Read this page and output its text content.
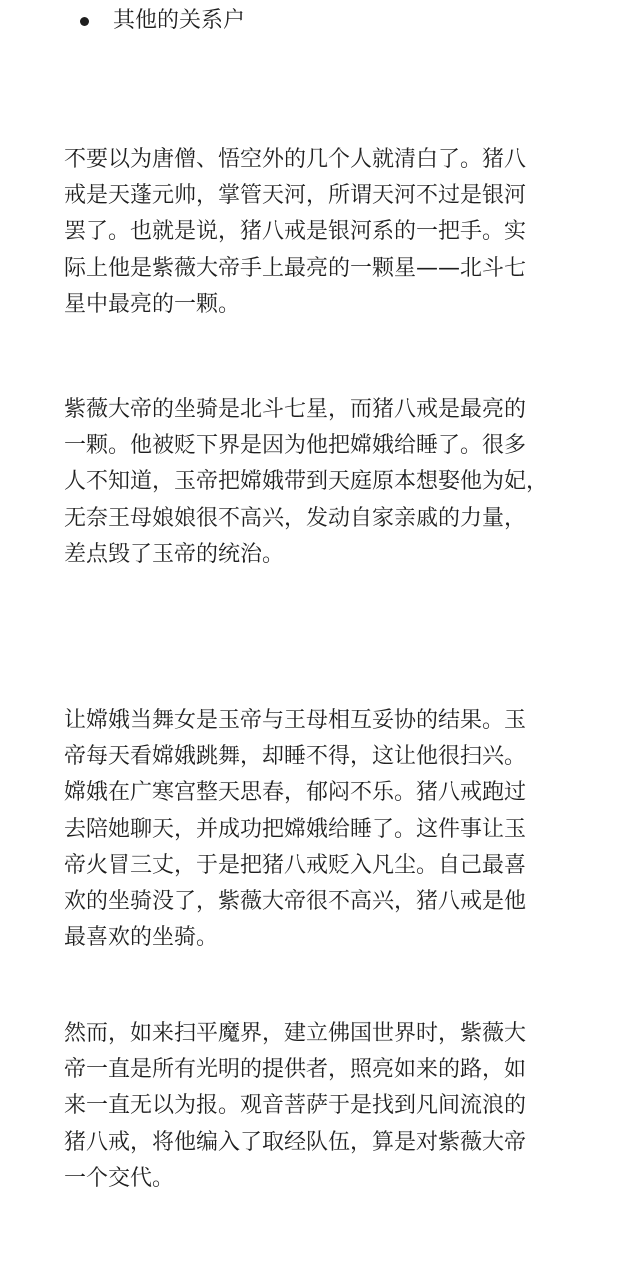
其他的关系户

不要以为唐僧、悟空外的几个人就清白了。猪八
戒是天蓬元帅，掌管天河，所谓天河不过是银河
罢了。也就是说，猪八戒是银河系的一把手。实
际上他是紫薇大帝手上最亮的一颗星——北斗七
星中最亮的一颗。

紫薇大帝的坐骑是北斗七星，而猪八戒是最亮的
一颗。他被贬下界是因为他把嫦娥给睡了。很多
人不知道，玉帝把嫦娥带到天庭原本想娶他为妃，
无奈王母娘娘很不高兴，发动自家亲戚的力量，
差点毁了玉帝的统治。

让嫦娥当舞女是玉帝与王母相互妥协的结果。玉
帝每天看嫦娥跳舞，却睡不得，这让他很扫兴。
嫦娥在广寒宫整天思春，郁闷不乐。猪八戒跑过
去陪她聊天，并成功把嫦娥给睡了。这件事让玉
帝火冒三丈，于是把猪八戒贬入凡尘。自己最喜
欢的坐骑没了，紫薇大帝很不高兴，猪八戒是他
最喜欢的坐骑。

然而，如来扫平魔界，建立佛国世界时，紫薇大
帝一直是所有光明的提供者，照亮如来的路，如
来一直无以为报。观音菩萨于是找到凡间流浪的
猪八戒，将他编入了取经队伍，算是对紫薇大帝
一个交代。
